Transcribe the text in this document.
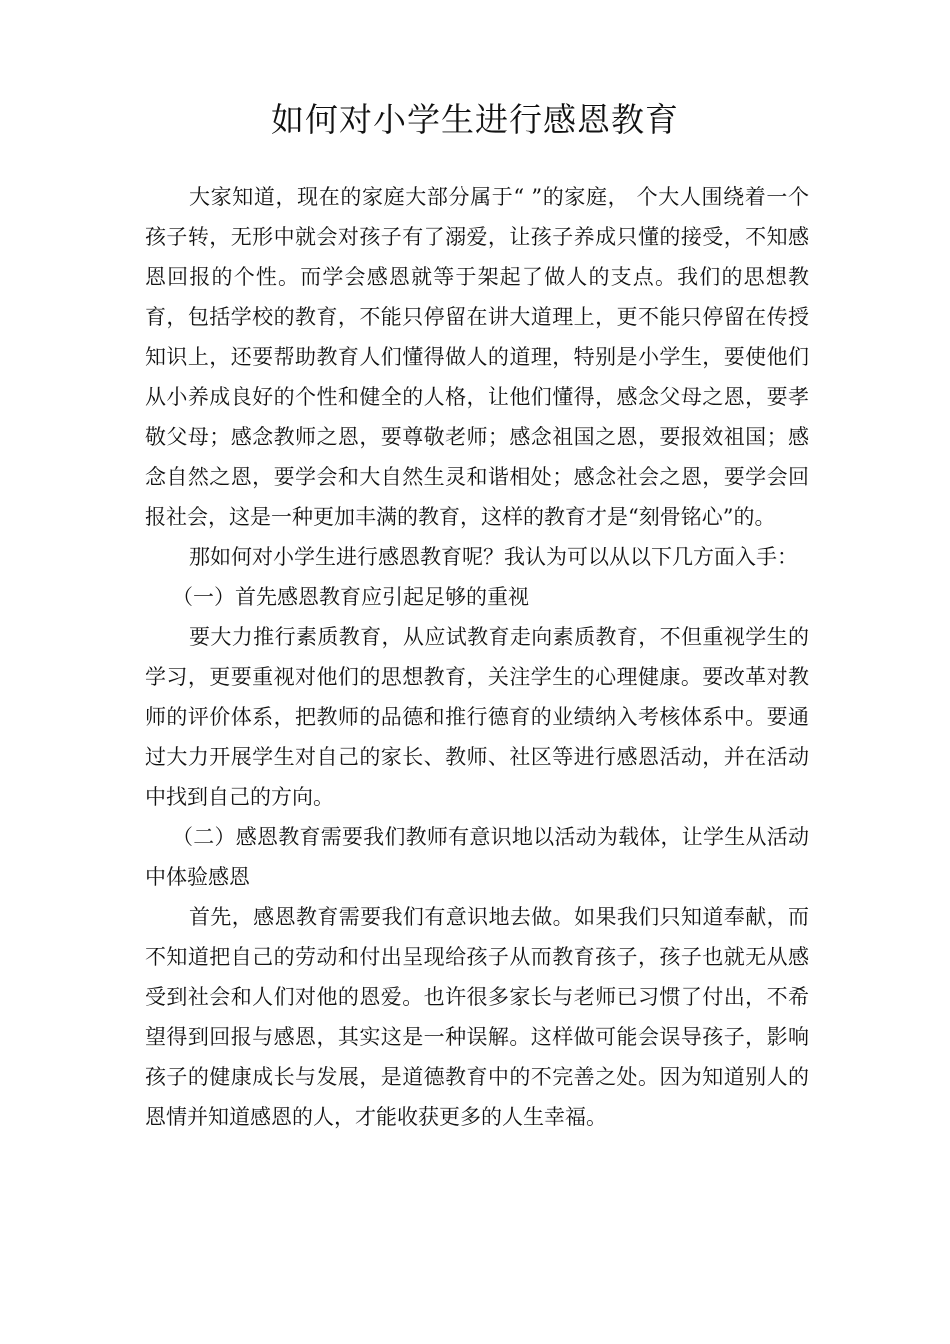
如何对小学生进行感恩教育

大家知道，现在的家庭大部分属于“ ”的家庭， 个大人围绕着一个孩子转，无形中就会对孩子有了溺爱，让孩子养成只懂的接受，不知感恩回报的个性。而学会感恩就等于架起了做人的支点。我们的思想教育，包括学校的教育，不能只停留在讲大道理上，更不能只停留在传授知识上，还要帮助教育人们懂得做人的道理，特别是小学生，要使他们从小养成良好的个性和健全的人格，让他们懂得，感念父母之恩，要孝敬父母；感念教师之恩，要尊敬老师；感念祖国之恩，要报效祖国；感念自然之恩，要学会和大自然生灵和谐相处；感念社会之恩，要学会回报社会，这是一种更加丰满的教育，这样的教育才是“刻骨铭心”的。

那如何对小学生进行感恩教育呢？我认为可以从以下几方面入手：

（一）首先感恩教育应引起足够的重视

要大力推行素质教育，从应试教育走向素质教育，不但重视学生的学习，更要重视对他们的思想教育，关注学生的心理健康。要改革对教师的评价体系，把教师的品德和推行德育的业绩纳入考核体系中。要通过大力开展学生对自己的家长、教师、社区等进行感恩活动，并在活动中找到自己的方向。

（二）感恩教育需要我们教师有意识地以活动为载体，让学生从活动中体验感恩

首先，感恩教育需要我们有意识地去做。如果我们只知道奉献，而不知道把自己的劳动和付出呈现给孩子从而教育孩子，孩子也就无从感受到社会和人们对他的恩爱。也许很多家长与老师已习惯了付出，不希望得到回报与感恩，其实这是一种误解。这样做可能会误导孩子，影响孩子的健康成长与发展，是道德教育中的不完善之处。因为知道别人的恩情并知道感恩的人，才能收获更多的人生幸福。
